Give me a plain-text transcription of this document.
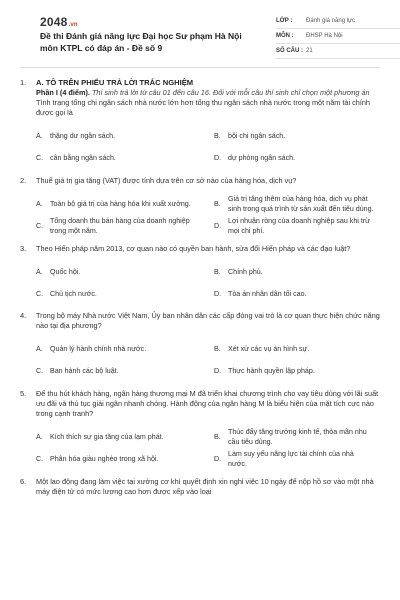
2048.vn
Đề thi Đánh giá năng lực Đại học Sư phạm Hà Nội môn KTPL có đáp án - Đề số 9
LỚP :	Đánh giá năng lực
MÔN :	ĐHSP Hà Nội
SỐ CÂU : 21
1.	A. TÔ TRÊN PHIẾU TRẢ LỜI TRẮC NGHIỆM
Phần I (4 điểm). Thí sinh trả lời từ câu 01 đến câu 16. Đối với mỗi câu thí sinh chỉ chọn một phương án
Tình trạng tổng chi ngân sách nhà nước lớn hơn tổng thu ngân sách nhà nước trong một năm tài chính được gọi là
A.	thặng dư ngân sách.	B.	bội chi ngân sách.
C. cân bằng ngân sách.	D. dự phòng ngân sách.
2.	Thuế giá trị gia tăng (VAT) được tính dựa trên cơ sở nào của hàng hóa, dịch vụ?
A.	Toàn bộ giá trị của hàng hóa khi xuất xưởng.	B.
Giá trị tăng thêm của hàng hóa, dịch vụ phát sinh trong quá trình từ sản xuất đến tiêu dùng.
C.
Tổng doanh thu bán hàng của doanh nghiệp trong một năm.
D.
Lợi nhuận ròng của doanh nghiệp sau khi trừ mọi chi phí.
3.	Theo Hiến pháp năm 2013, cơ quan nào có quyền ban hành, sửa đổi Hiến pháp và các đạo luật?
A.	Quốc hội.	B.	Chính phủ.
C. Chủ tịch nước.	D. Tòa án nhân dân tối cao.
4.	Trong bộ máy Nhà nước Việt Nam, Ủy ban nhân dân các cấp đóng vai trò là cơ quan thực hiện chức năng nào tại địa phương?
A.	Quản lý hành chính nhà nước.	B.	Xét xử các vụ án hình sự.
C. Ban hành các bộ luật.	D. Thực hành quyền lập pháp.
5.	Để thu hút khách hàng, ngân hàng thương mại M đã triển khai chương trình cho vay tiêu dùng với lãi suất ưu đãi và thủ tục giải ngân nhanh chóng. Hành động của ngân hàng M là biểu hiện của mặt tích cực nào trong cạnh tranh?
A.	Kích thích sự gia tăng của lạm phát.	B.
Thúc đẩy tăng trưởng kinh tế, thỏa mãn nhu cầu tiêu dùng.
C. Phân hóa giàu nghèo trong xã hội.	D.
Làm suy yếu năng lực tài chính của nhà nước.
6.	Một lao động đang làm việc tại xưởng cơ khí quyết định xin nghỉ việc 10 ngày để nộp hồ sơ vào một nhà máy điện tử có mức lương cao hơn được xếp vào loại
